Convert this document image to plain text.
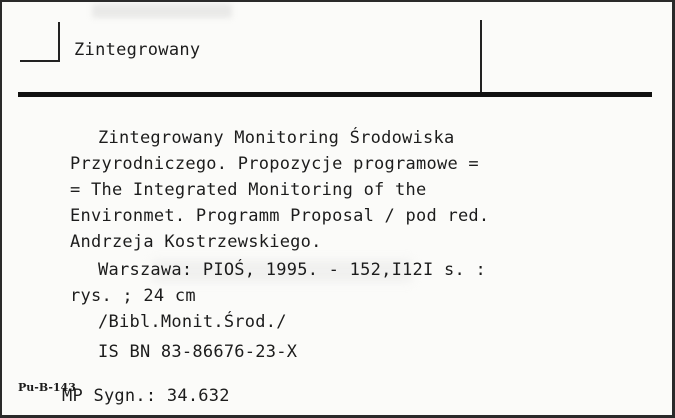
Zintegrowany
Zintegrowany Monitoring Środowiska
Przyrodniczego. Propozycje programowe =
= The Integrated Monitoring of the
Environmet. Programm Proposal / pod red.
Andrzeja Kostrzewskiego.
Warszawa: PIOŚ, 1995. - 152,I12I s. :
rys. ; 24 cm
/Bibl.Monit.Środ./
IS BN 83-86676-23-X
Pu-B-143
MP Sygn.: 34.632
